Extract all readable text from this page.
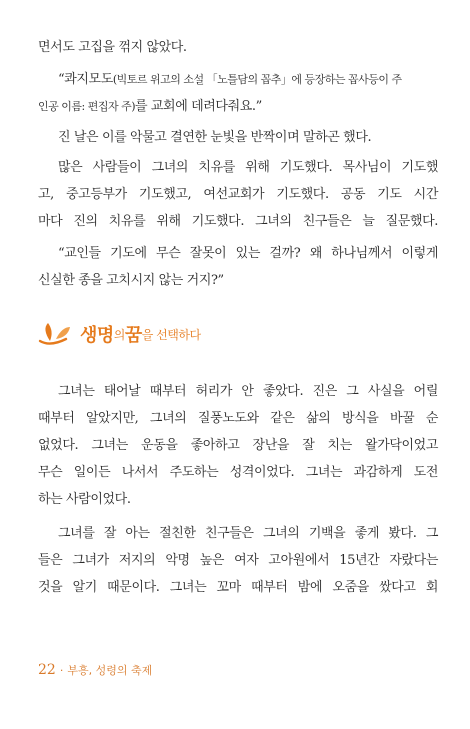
면서도 고집을 꺾지 않았다.

“콰지모도(빅토르 위고의 소설 「노틀담의 꼽추」에 등장하는 꼽사등이 주
인공 이름: 편집자 주)를 교회에 데려다줘요.”

진 날은 이를 악물고 결연한 눈빛을 반짝이며 말하곤 했다.

많은 사람들이 그녀의 치유를 위해 기도했다. 목사님이 기도했
고, 중고등부가 기도했고, 여선교회가 기도했다. 공동 기도 시간
마다 진의 치유를 위해 기도했다. 그녀의 친구들은 늘 질문했다.

“교인들 기도에 무슨 잘못이 있는 걸까? 왜 하나님께서 이렇게
신실한 종을 고치시지 않는 거지?”

생명 의 꿈 을 선택하다

그녀는 태어날 때부터 허리가 안 좋았다. 진은 그 사실을 어릴
때부터 알았지만, 그녀의 질풍노도와 같은 삶의 방식을 바꿀 순
없었다. 그녀는 운동을 좋아하고 장난을 잘 치는 왈가닥이었고
무슨 일이든 나서서 주도하는 성격이었다. 그녀는 과감하게 도전
하는 사람이었다.

그녀를 잘 아는 절친한 친구들은 그녀의 기백을 좋게 봤다. 그
들은 그녀가 저지의 악명 높은 여자 고아원에서 15년간 자랐다는
것을 알기 때문이다. 그녀는 꼬마 때부터 밤에 오줌을 쌌다고 회

22 · 부흥, 성령의 축제
